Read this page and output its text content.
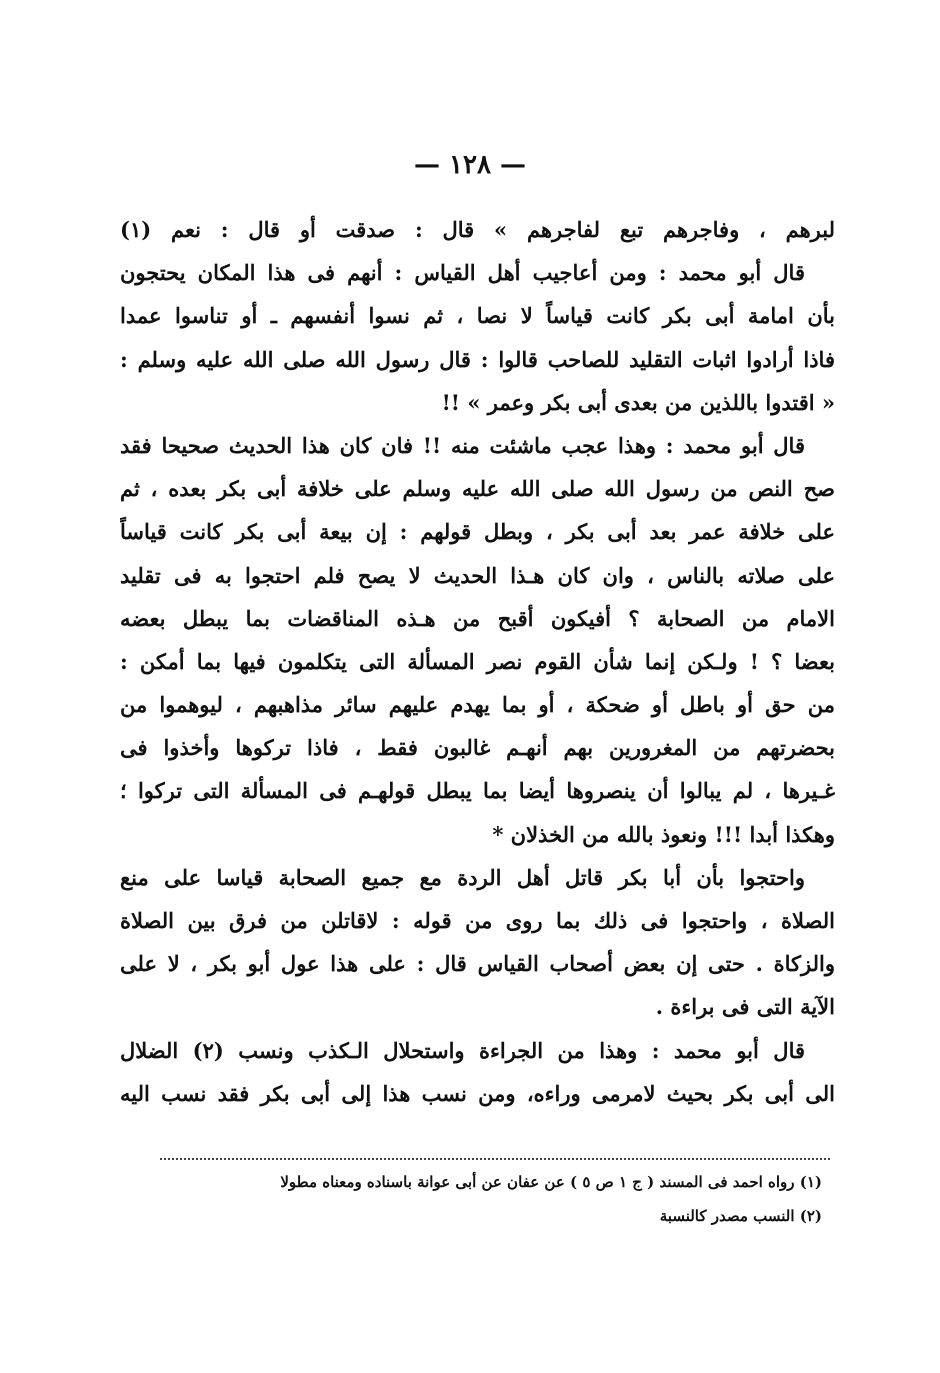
— ١٢٨ —
لبرهم ، وفاجرهم تبع لفاجرهم » قال : صدقت أو قال : نعم (١)
قال أبو محمد : ومن أعاجيب أهل القياس : أنهم فى هذا المكان يحتجون
بأن امامة أبى بكر كانت قياساً لا نصا ، ثم نسوا أنفسهم ـ أو تناسوا عمدا
فاذا أرادوا اثبات التقليد للصاحب قالوا : قال رسول الله صلى الله عليه وسلم :
« اقتدوا باللذين من بعدى أبى بكر وعمر » !!
قال أبو محمد : وهذا عجب ماشئت منه !! فان كان هذا الحديث صحيحا فقد
صح النص من رسول الله صلى الله عليه وسلم على خلافة أبى بكر بعده ، ثم
على خلافة عمر بعد أبى بكر ، وبطل قولهم : إن بيعة أبى بكر كانت قياساً
على صلاته بالناس ، وان كان هـذا الحديث لا يصح فلم احتجوا به فى تقليد
الامام من الصحابة ؟ أفيكون أقبح من هـذه المناقضات بما يبطل بعضه
بعضا ؟ ! ولـكن إنما شأن القوم نصر المسألة التى يتكلمون فيها بما أمكن :
من حق أو باطل أو ضحكة ، أو بما يهدم عليهم سائر مذاهبهم ، ليوهموا من
بحضرتهم من المغرورين بهم أنهـم غالبون فقط ، فاذا تركوها وأخذوا فى
غـيرها ، لم يبالوا أن ينصروها أيضا بما يبطل قولهـم فى المسألة التى تركوا ؛
وهكذا أبدا !!! ونعوذ بالله من الخذلان *
واحتجوا بأن أبا بكر قاتل أهل الردة مع جميع الصحابة قياسا على منع
الصلاة ، واحتجوا فى ذلك بما روى من قوله : لاقاتلن من فرق بين الصلاة
والزكاة . حتى إن بعض أصحاب القياس قال : على هذا عول أبو بكر ، لا على
الآية التى فى براءة .
قال أبو محمد : وهذا من الجراءة واستحلال الـكذب ونسب (٢) الضلال
الى أبى بكر بحيث لامرمى وراءه، ومن نسب هذا إلى أبى بكر فقد نسب اليه
(١) رواه احمد فى المسند ( ج ١ ص ٥ ) عن عفان عن أبى عوانة باسناده ومعناه مطولا
(٢) النسب مصدر كالنسبة
